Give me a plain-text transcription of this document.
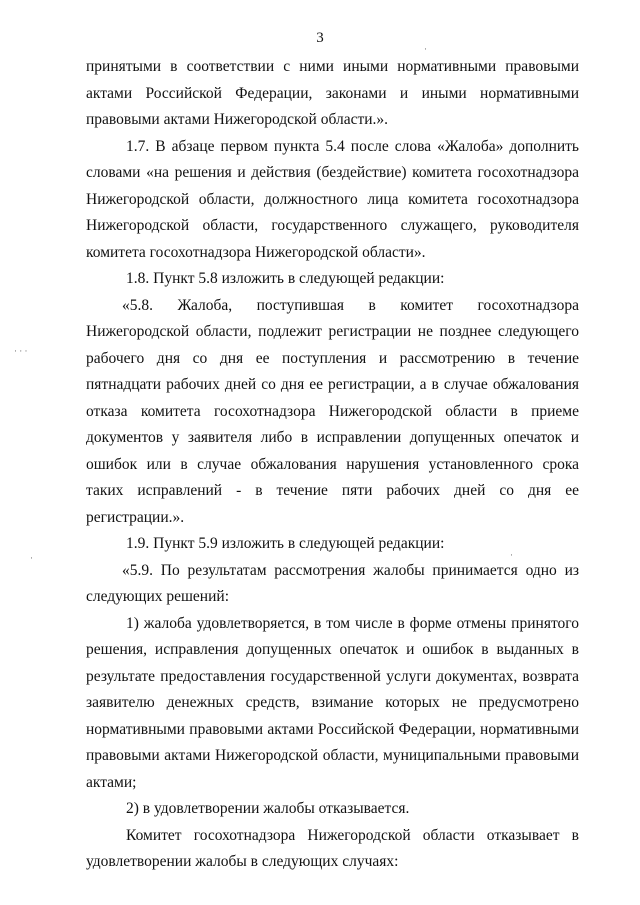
3

принятыми в соответствии с ними иными нормативными правовыми актами Российской Федерации, законами и иными нормативными правовыми актами Нижегородской области.».

1.7. В абзаце первом пункта 5.4 после слова «Жалоба» дополнить словами «на решения и действия (бездействие) комитета госохотнадзора Нижегородской области, должностного лица комитета госохотнадзора Нижегородской области, государственного служащего, руководителя комитета госохотнадзора Нижегородской области».

1.8. Пункт 5.8 изложить в следующей редакции:

«5.8. Жалоба, поступившая в комитет госохотнадзора Нижегородской области, подлежит регистрации не позднее следующего рабочего дня со дня ее поступления и рассмотрению в течение пятнадцати рабочих дней со дня ее регистрации, а в случае обжалования отказа комитета госохотнадзора Нижегородской области в приеме документов у заявителя либо в исправлении допущенных опечаток и ошибок или в случае обжалования нарушения установленного срока таких исправлений - в течение пяти рабочих дней со дня ее регистрации.».

1.9. Пункт 5.9 изложить в следующей редакции:

«5.9. По результатам рассмотрения жалобы принимается одно из следующих решений:

1) жалоба удовлетворяется, в том числе в форме отмены принятого решения, исправления допущенных опечаток и ошибок в выданных в результате предоставления государственной услуги документах, возврата заявителю денежных средств, взимание которых не предусмотрено нормативными правовыми актами Российской Федерации, нормативными правовыми актами Нижегородской области, муниципальными правовыми актами;

2) в удовлетворении жалобы отказывается.

Комитет госохотнадзора Нижегородской области отказывает в удовлетворении жалобы в следующих случаях:

· · ·
·
·
·
